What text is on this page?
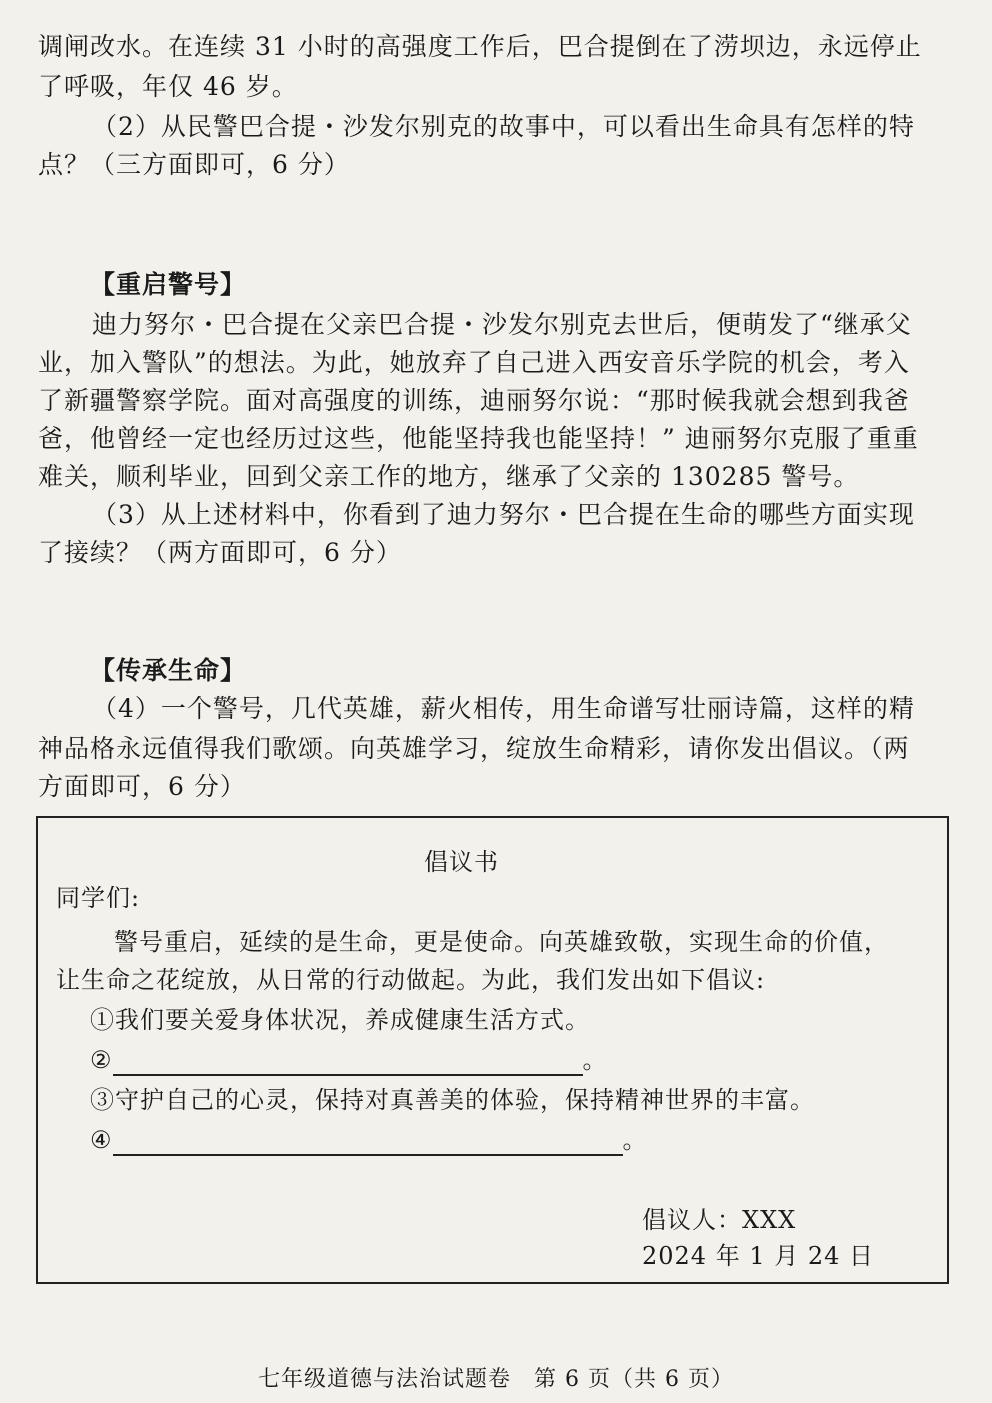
调闸改水。在连续 31 小时的高强度工作后，巴合提倒在了涝坝边，永远停止
了呼吸，年仅 46 岁。
（2）从民警巴合提・沙发尔别克的故事中，可以看出生命具有怎样的特
点？（三方面即可，6 分）
【重启警号】
迪力努尔・巴合提在父亲巴合提・沙发尔别克去世后，便萌发了“继承父
业，加入警队”的想法。为此，她放弃了自己进入西安音乐学院的机会，考入
了新疆警察学院。面对高强度的训练，迪丽努尔说：“那时候我就会想到我爸
爸，他曾经一定也经历过这些，他能坚持我也能坚持！” 迪丽努尔克服了重重
难关，顺利毕业，回到父亲工作的地方，继承了父亲的 130285 警号。
（3）从上述材料中，你看到了迪力努尔・巴合提在生命的哪些方面实现
了接续？（两方面即可，6 分）
【传承生命】
（4）一个警号，几代英雄，薪火相传，用生命谱写壮丽诗篇，这样的精
神品格永远值得我们歌颂。向英雄学习，绽放生命精彩，请你发出倡议。（两
方面即可，6 分）
倡议书
同学们:
警号重启，延续的是生命，更是使命。向英雄致敬，实现生命的价值，
让生命之花绽放，从日常的行动做起。为此，我们发出如下倡议:
①我们要关爱身体状况，养成健康生活方式。
②	。
③守护自己的心灵，保持对真善美的体验，保持精神世界的丰富。
④	。
倡议人：XXX
2024 年 1 月 24 日
七年级道德与法治试题卷　第 6 页（共 6 页）
